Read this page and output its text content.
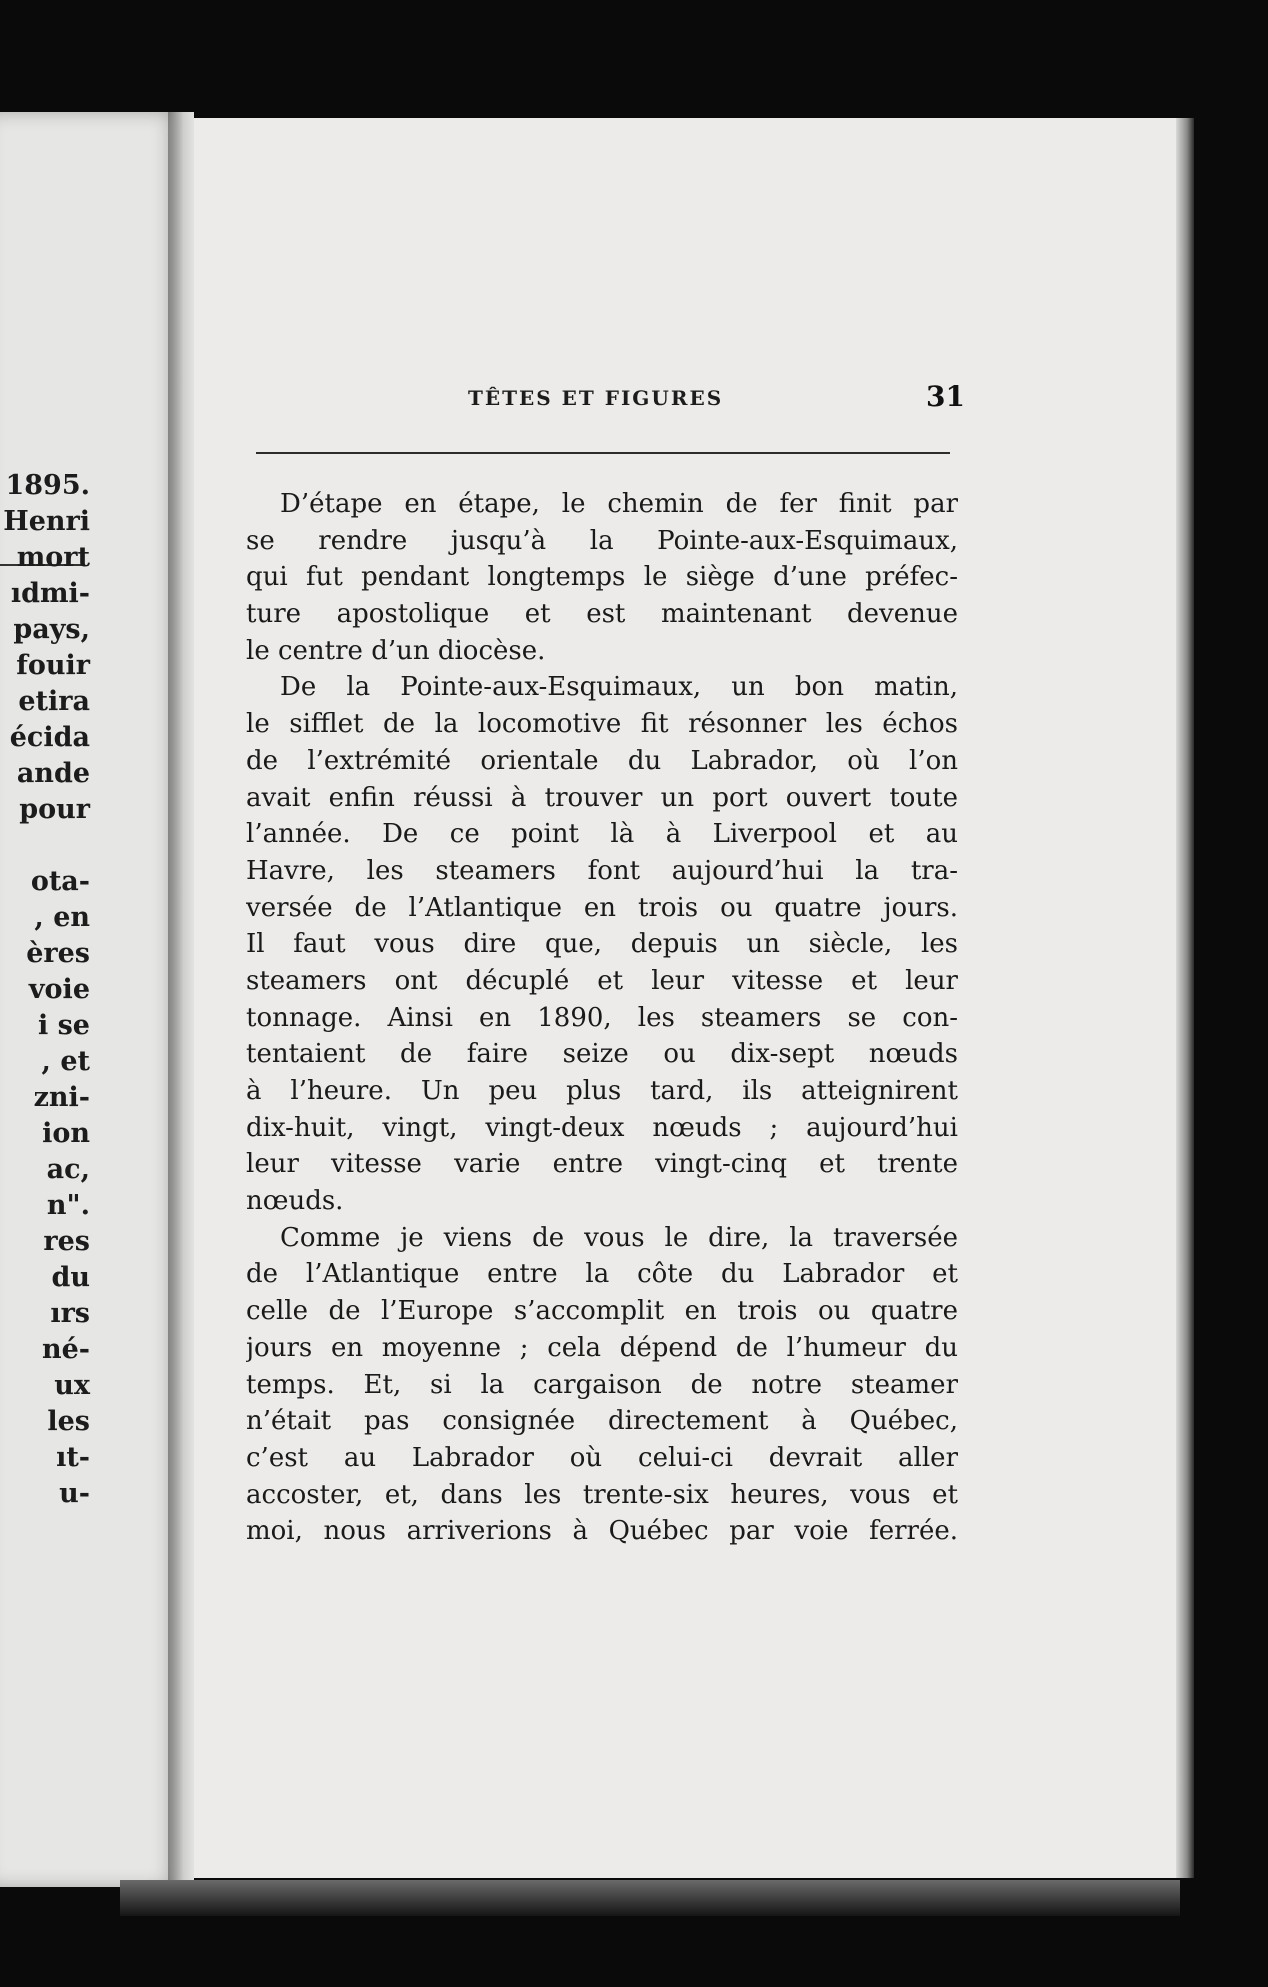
1895.
Henri
mort
ıdmi-
pays,
fouir
etira
écida
ande
pour
ota-
, en
ères
voie
i se
, et
zni-
ion
ac,
n".
res
du
ırs
né-
ux
les
ıt-
u-
TÊTES ET FIGURES	31
D’étape en étape, le chemin de fer finit par
se rendre jusqu’à la Pointe-aux-Esquimaux,
qui fut pendant longtemps le siège d’une préfec-
ture apostolique et est maintenant devenue
le centre d’un diocèse.
De la Pointe-aux-Esquimaux, un bon matin,
le sifflet de la locomotive fit résonner les échos
de l’extrémité orientale du Labrador, où l’on
avait enfin réussi à trouver un port ouvert toute
l’année. De ce point là à Liverpool et au
Havre, les steamers font aujourd’hui la tra-
versée de l’Atlantique en trois ou quatre jours.
Il faut vous dire que, depuis un siècle, les
steamers ont décuplé et leur vitesse et leur
tonnage. Ainsi en 1890, les steamers se con-
tentaient de faire seize ou dix-sept nœuds
à l’heure. Un peu plus tard, ils atteignirent
dix-huit, vingt, vingt-deux nœuds ; aujourd’hui
leur vitesse varie entre vingt-cinq et trente
nœuds.
Comme je viens de vous le dire, la traversée
de l’Atlantique entre la côte du Labrador et
celle de l’Europe s’accomplit en trois ou quatre
jours en moyenne ; cela dépend de l’humeur du
temps. Et, si la cargaison de notre steamer
n’était pas consignée directement à Québec,
c’est au Labrador où celui-ci devrait aller
accoster, et, dans les trente-six heures, vous et
moi, nous arriverions à Québec par voie ferrée.
